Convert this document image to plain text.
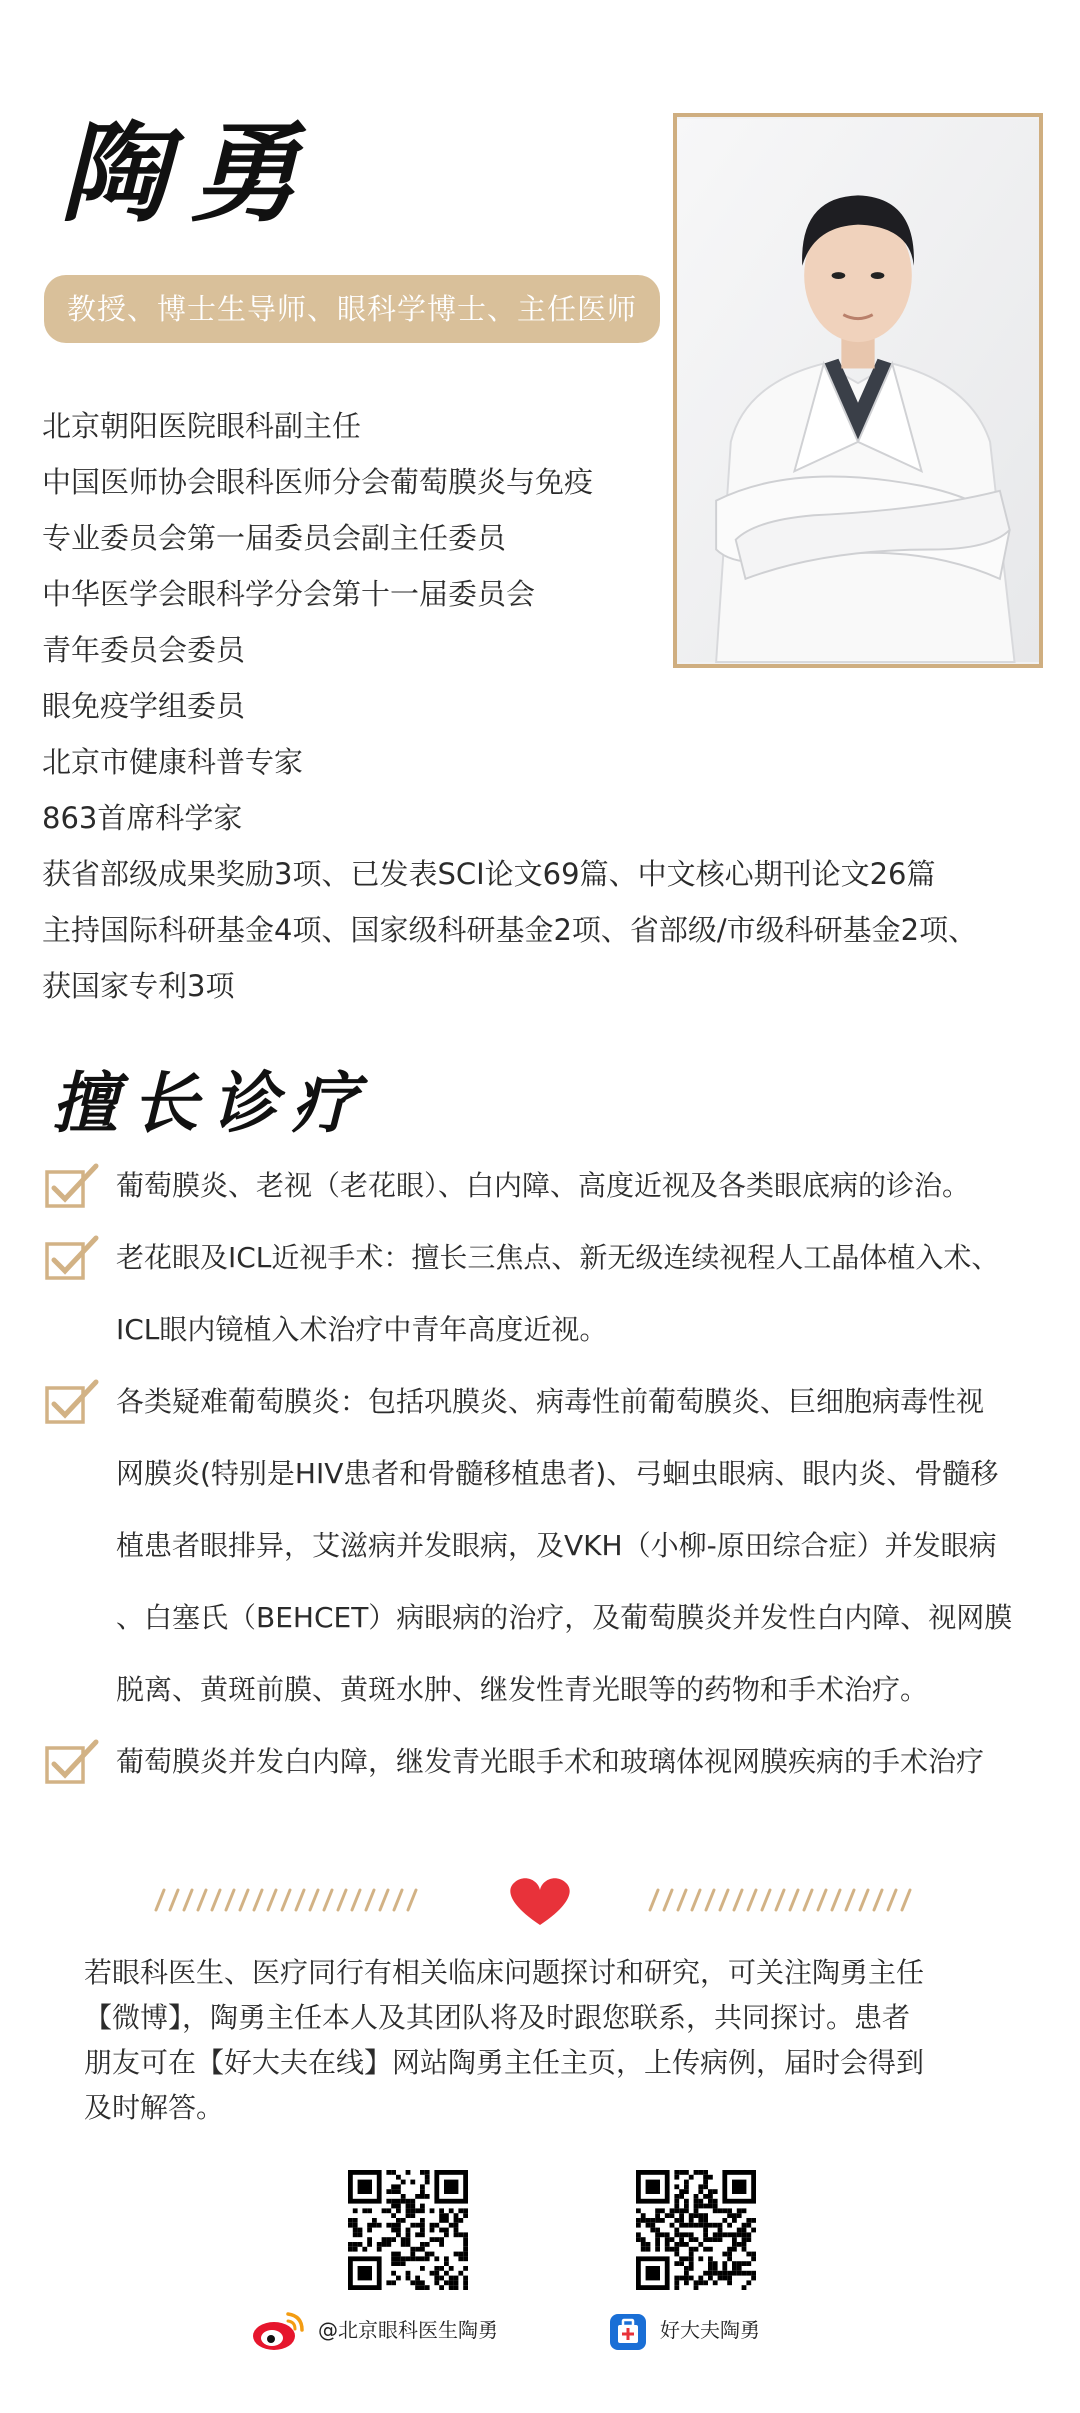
陶勇
教授、博士生导师、眼科学博士、主任医师
北京朝阳医院眼科副主任
中国医师协会眼科医师分会葡萄膜炎与免疫
专业委员会第一届委员会副主任委员
中华医学会眼科学分会第十一届委员会
青年委员会委员
眼免疫学组委员
北京市健康科普专家
863首席科学家
获省部级成果奖励3项、已发表SCI论文69篇、中文核心期刊论文26篇
主持国际科研基金4项、国家级科研基金2项、省部级/市级科研基金2项、
获国家专利3项
擅长诊疗
葡萄膜炎、老视（老花眼）、白内障、高度近视及各类眼底病的诊治。
老花眼及ICL近视手术：擅长三焦点、新无级连续视程人工晶体植入术、
ICL眼内镜植入术治疗中青年高度近视。
各类疑难葡萄膜炎：包括巩膜炎、病毒性前葡萄膜炎、巨细胞病毒性视
网膜炎(特别是HIV患者和骨髓移植患者)、弓蛔虫眼病、眼内炎、骨髓移
植患者眼排异，艾滋病并发眼病，及VKH（小柳-原田综合症）并发眼病
、白塞氏（BEHCET）病眼病的治疗，及葡萄膜炎并发性白内障、视网膜
脱离、黄斑前膜、黄斑水肿、继发性青光眼等的药物和手术治疗。
葡萄膜炎并发白内障，继发青光眼手术和玻璃体视网膜疾病的手术治疗
若眼科医生、医疗同行有相关临床问题探讨和研究，可关注陶勇主任
【微博】，陶勇主任本人及其团队将及时跟您联系，共同探讨。患者
朋友可在【好大夫在线】网站陶勇主任主页，上传病例，届时会得到
及时解答。
@北京眼科医生陶勇	好大夫陶勇
